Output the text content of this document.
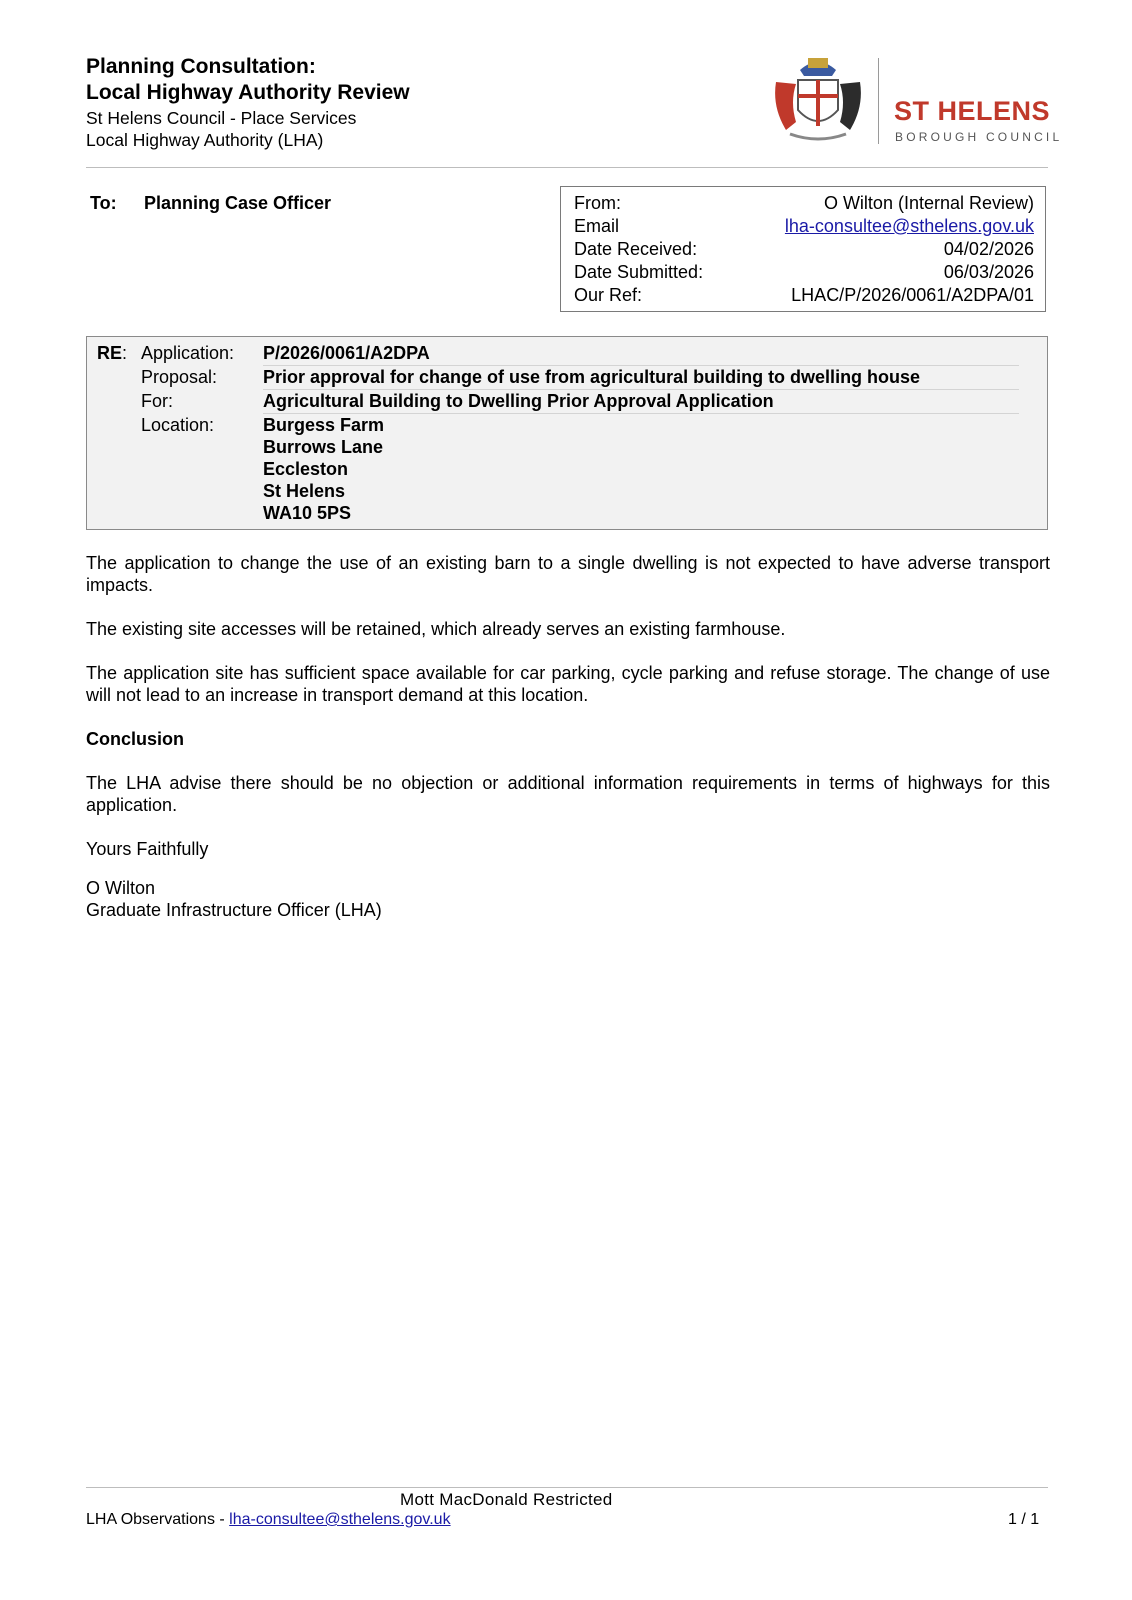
Planning Consultation:
Local Highway Authority Review
St Helens Council - Place Services
Local Highway Authority (LHA)
ST HELENS
BOROUGH COUNCIL
To: Planning Case Officer	From:	O Wilton (Internal Review)
Email	lha-consultee@sthelens.gov.uk
Date Received:	04/02/2026
Date Submitted:	06/03/2026
Our Ref:	LHAC/P/2026/0061/A2DPA/01
RE: Application: P/2026/0061/A2DPA
Proposal:	Prior approval for change of use from agricultural building to dwelling house
For:	Agricultural Building to Dwelling Prior Approval Application
Location:	Burgess Farm
Burrows Lane
Eccleston
St Helens
WA10 5PS
The application to change the use of an existing barn to a single dwelling is not expected to have adverse transport impacts.
The existing site accesses will be retained, which already serves an existing farmhouse.
The application site has sufficient space available for car parking, cycle parking and refuse storage. The change of use will not lead to an increase in transport demand at this location.
Conclusion
The LHA advise there should be no objection or additional information requirements in terms of highways for this application.
Yours Faithfully
O Wilton
Graduate Infrastructure Officer (LHA)
Mott MacDonald Restricted
LHA Observations - lha-consultee@sthelens.gov.uk	1 / 1
